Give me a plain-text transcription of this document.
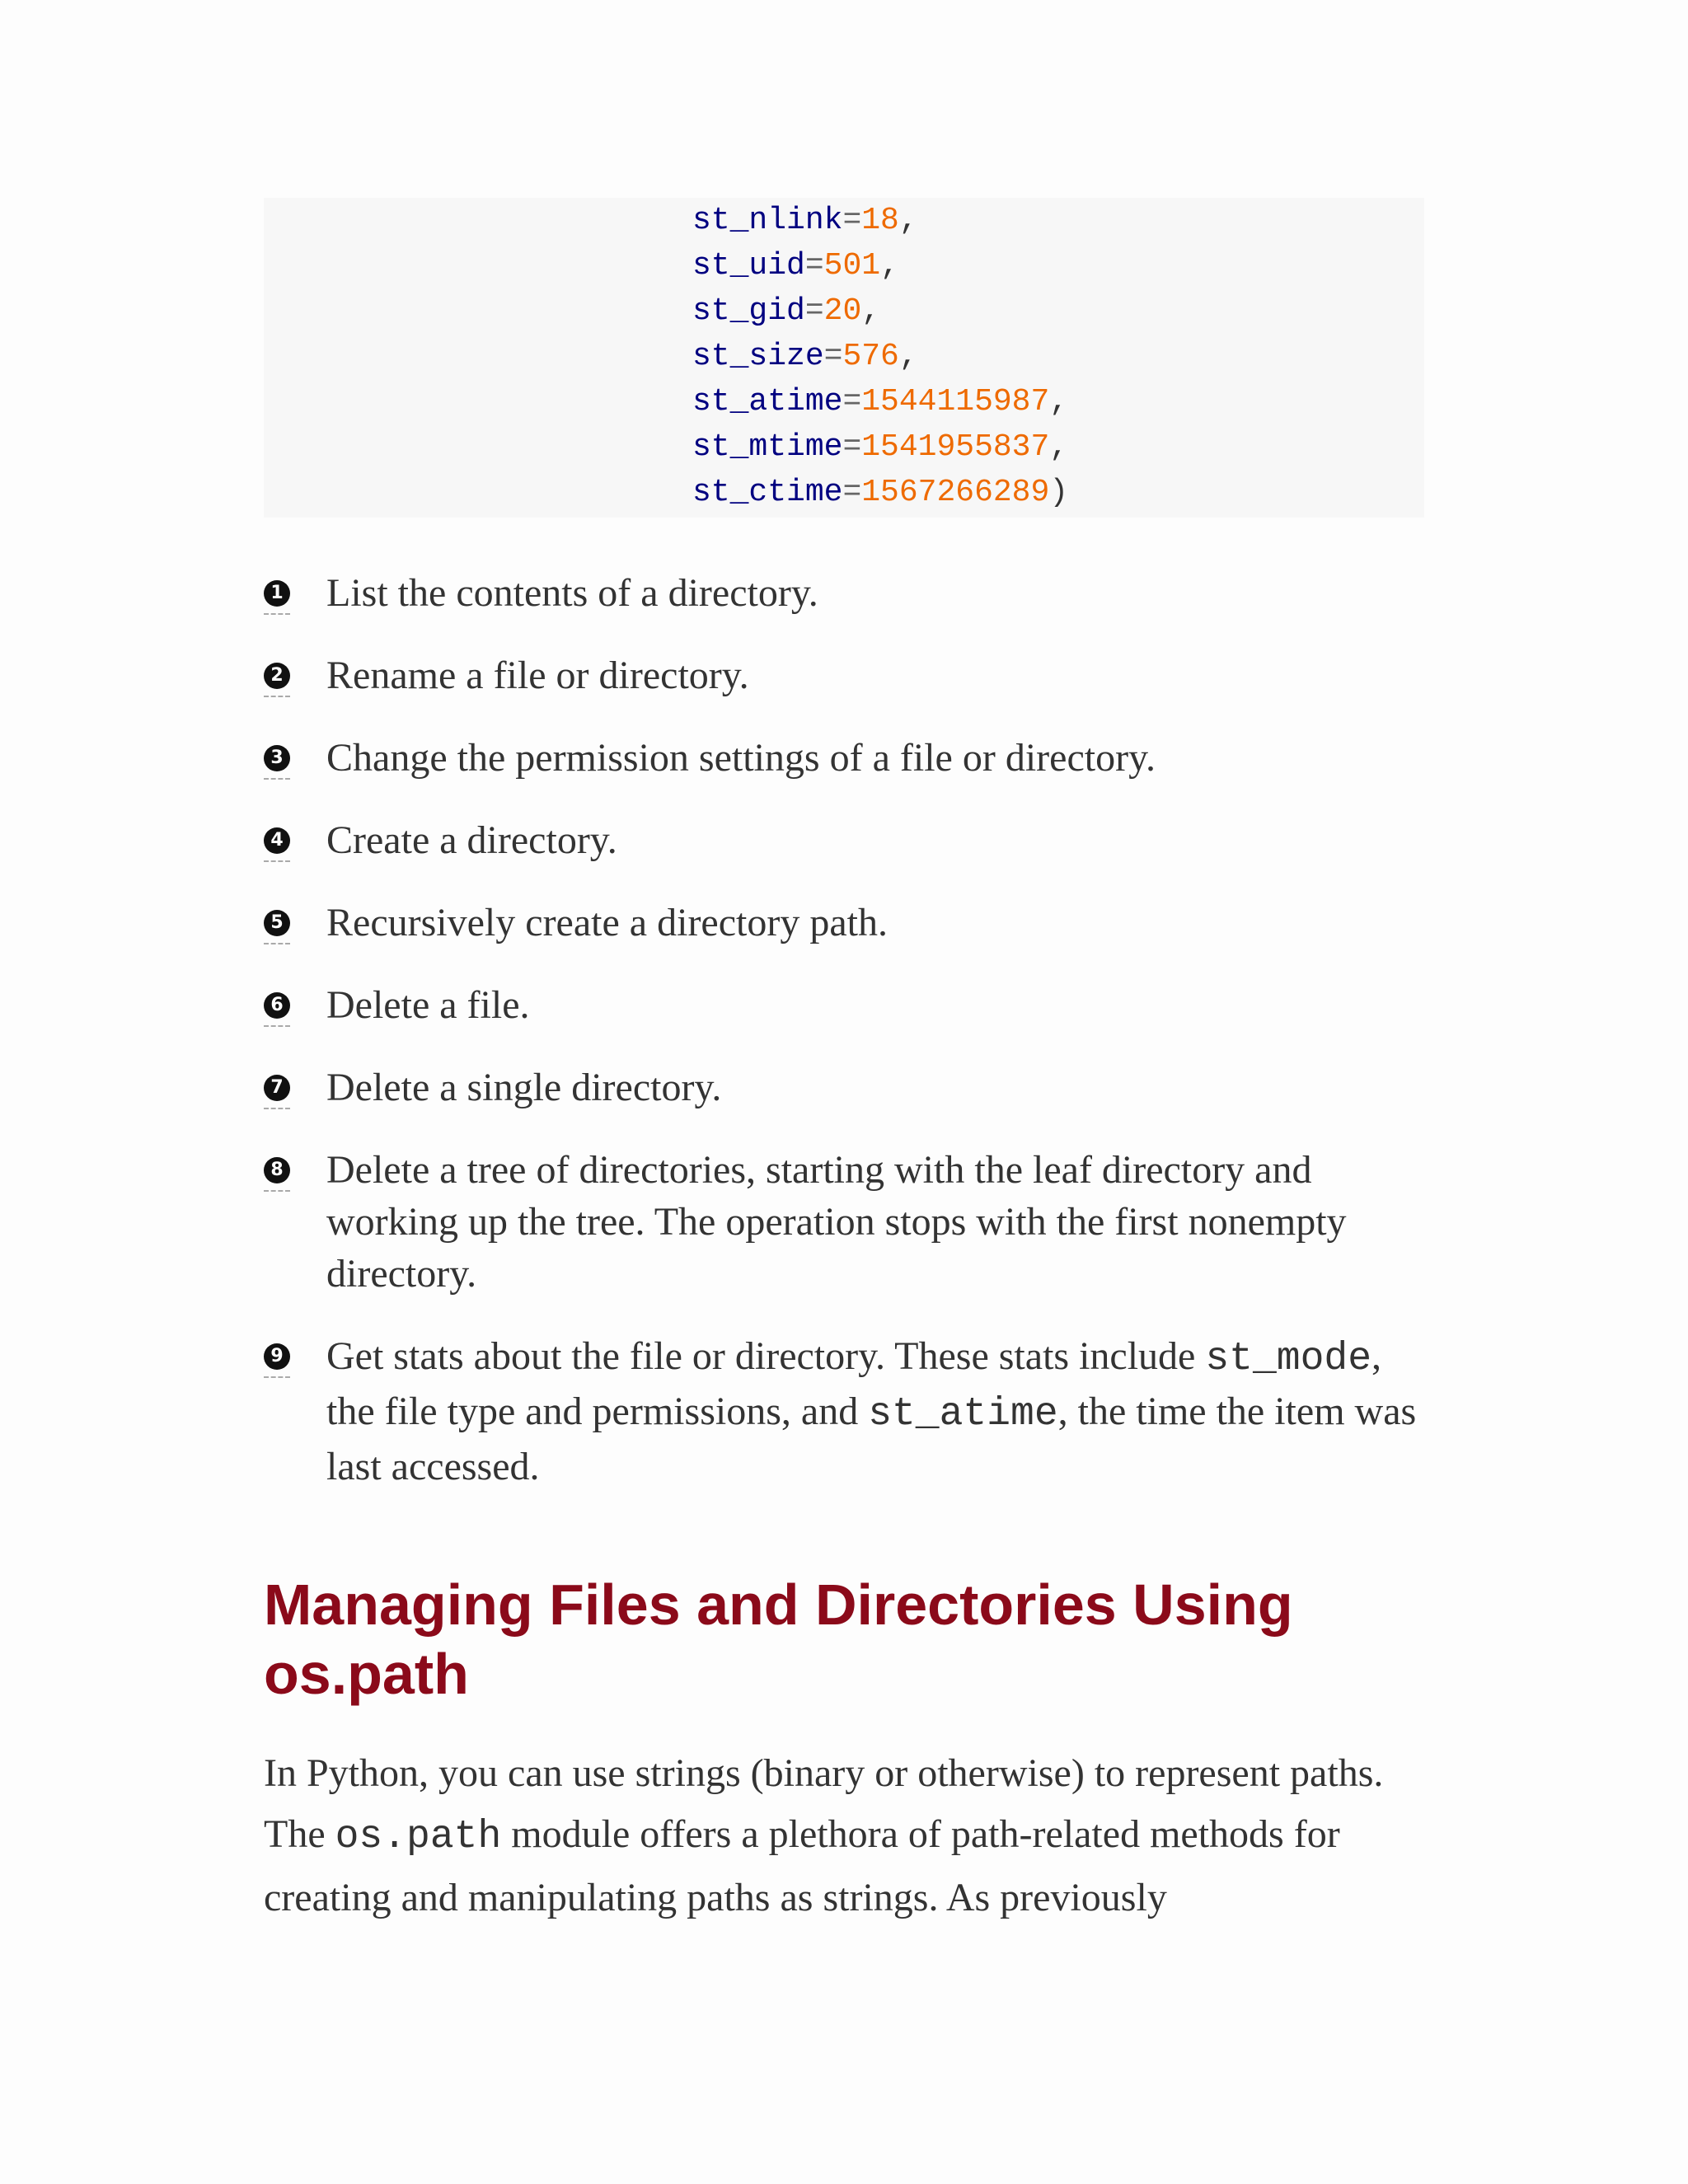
st_nlink=18,
st_uid=501,
st_gid=20,
st_size=576,
st_atime=1544115987,
st_mtime=1541955837,
st_ctime=1567266289)
1 List the contents of a directory.
2 Rename a file or directory.
3 Change the permission settings of a file or directory.
4 Create a directory.
5 Recursively create a directory path.
6 Delete a file.
7 Delete a single directory.
8 Delete a tree of directories, starting with the leaf directory and working up the tree. The operation stops with the first nonempty directory.
9 Get stats about the file or directory. These stats include st_mode, the file type and permissions, and st_atime, the time the item was last accessed.
Managing Files and Directories Using os.path

In Python, you can use strings (binary or otherwise) to represent paths. The os.path module offers a plethora of path-related methods for creating and manipulating paths as strings. As previously
